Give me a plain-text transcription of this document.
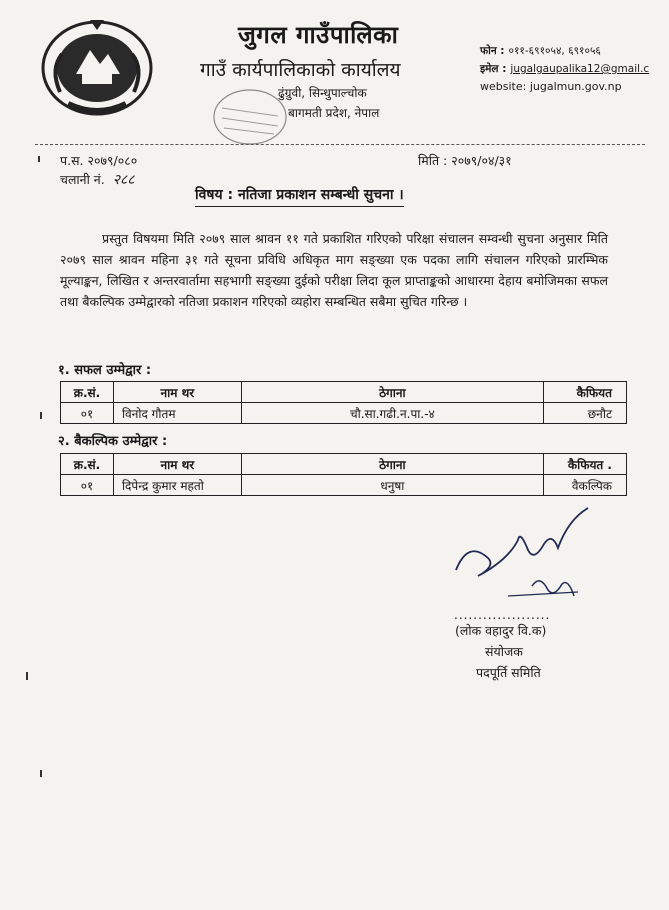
जुगल गाउँपालिका
गाउँ कार्यपालिकाको कार्यालय
ढुंग्रुवी, सिन्धुपाल्चोक
बागमती प्रदेश, नेपाल
फोन : ०११-६९१०५४, ६९१०५६
इमेल : jugalgaupalika12@gmail.c
website: jugalmun.gov.np
प.स. २०७९/०८०
चलानी नं. २८८
मिति : २०७९/०४/३१
विषय : नतिजा प्रकाशन सम्बन्धी सुचना ।
प्रस्तुत विषयमा मिति २०७९ साल श्रावन ११ गते प्रकाशित गरिएको परिक्षा संचालन सम्वन्धी सुचना अनुसार मिति २०७९ साल श्रावन महिना ३१ गते सूचना प्रविधि अधिकृत माग सङ्ख्या एक पदका लागि संचालन गरिएको प्रारम्भिक मूल्याङ्कन, लिखित र अन्तरवार्तामा सहभागी सङ्ख्या दुईको परीक्षा लिदा कूल प्राप्ताङ्कको आधारमा देहाय बमोजिमका सफल तथा बैकल्पिक उम्मेद्वारको नतिजा प्रकाशन गरिएको व्यहोरा सम्बन्धित सबैमा सुचित गरिन्छ ।
१. सफल उम्मेद्वार :
क्र.सं.	नाम थर	ठेगाना	कैफियत
०१	विनोद गौतम	चौ.सा.गढी.न.पा.-४	छनौट
२. बैकल्पिक उम्मेद्वार :
क्र.सं.	नाम थर	ठेगाना	कैफियत .
०१	दिपेन्द्र कुमार महतो	धनुषा	वैकल्पिक
....................
(लोक वहादुर वि.क)
संयोजक
पदपूर्ति समिति
